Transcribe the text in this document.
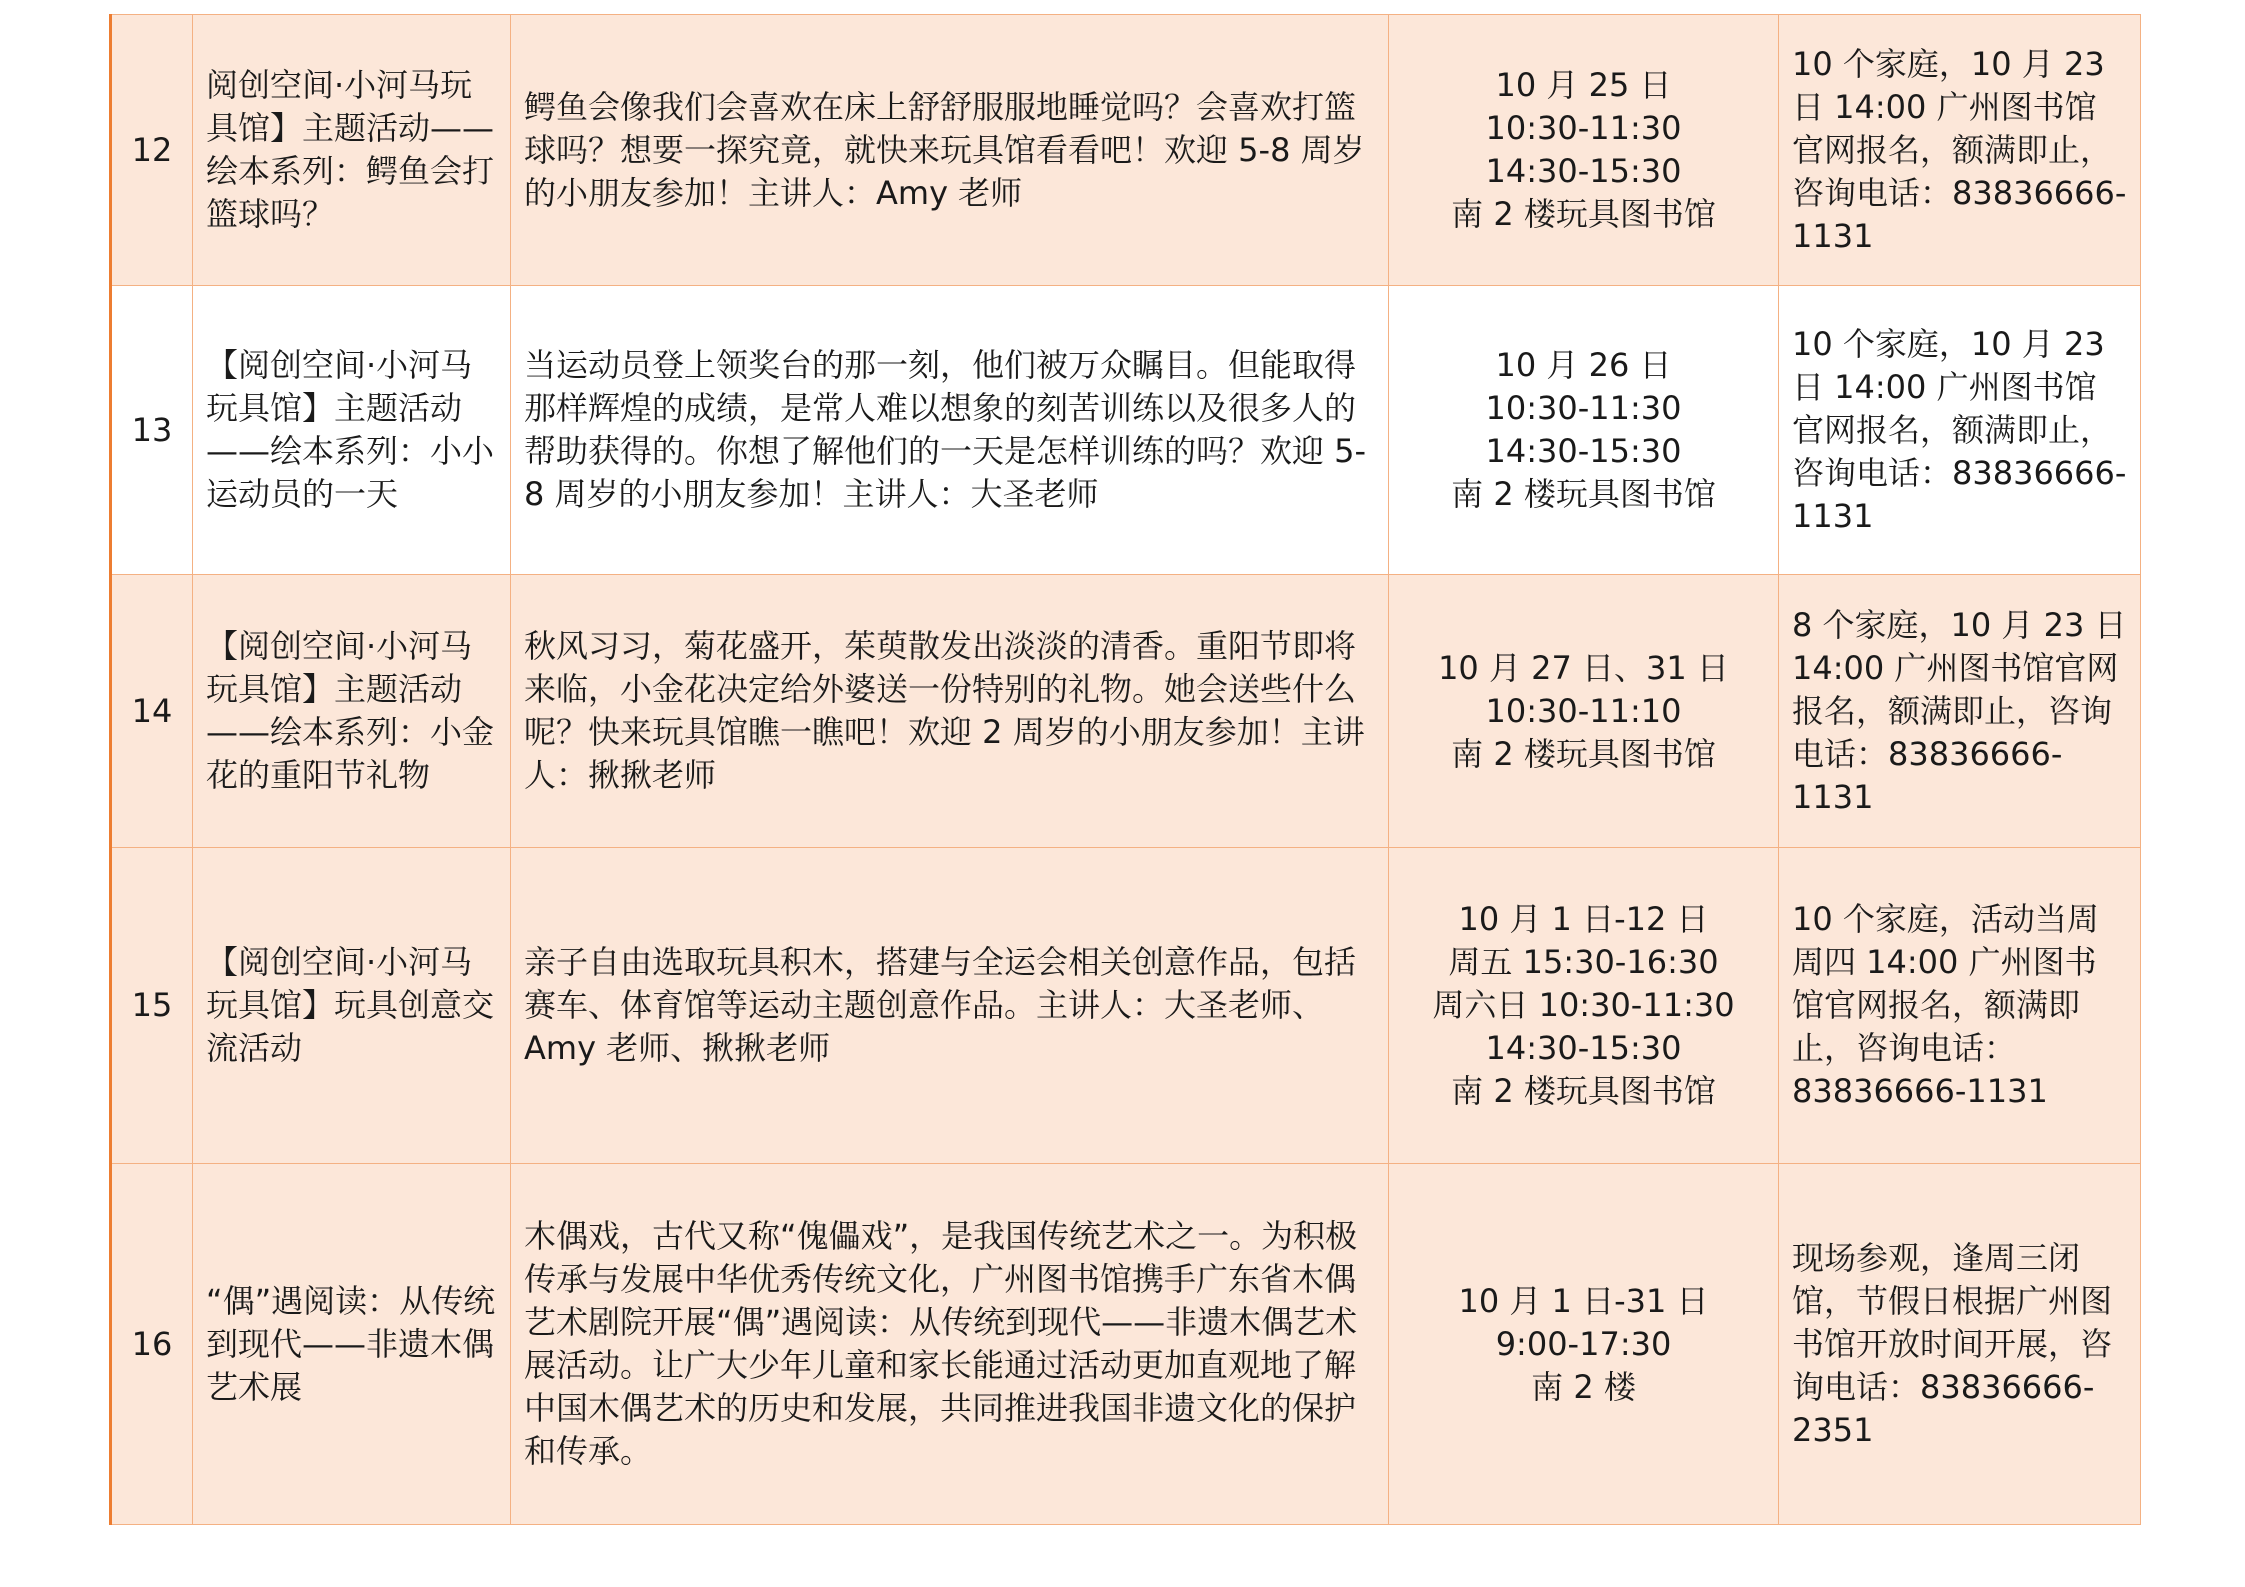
12	阅创空间·小河马玩具馆】主题活动——绘本系列：鳄鱼会打篮球吗？	鳄鱼会像我们会喜欢在床上舒舒服服地睡觉吗？会喜欢打篮球吗？想要一探究竟，就快来玩具馆看看吧！欢迎 5-8 周岁的小朋友参加！主讲人：Amy 老师	10 月 25 日
10:30-11:30
14:30-15:30
南 2 楼玩具图书馆	10 个家庭，10 月 23 日 14:00 广州图书馆官网报名，额满即止，咨询电话：83836666-1131

13	【阅创空间·小河马玩具馆】主题活动——绘本系列：小小运动员的一天	当运动员登上领奖台的那一刻，他们被万众瞩目。但能取得那样辉煌的成绩，是常人难以想象的刻苦训练以及很多人的帮助获得的。你想了解他们的一天是怎样训练的吗？欢迎 5-8 周岁的小朋友参加！主讲人：大圣老师	10 月 26 日
10:30-11:30
14:30-15:30
南 2 楼玩具图书馆	10 个家庭，10 月 23 日 14:00 广州图书馆官网报名，额满即止，咨询电话：83836666-1131

14	【阅创空间·小河马玩具馆】主题活动——绘本系列：小金花的重阳节礼物	秋风习习，菊花盛开，茱萸散发出淡淡的清香。重阳节即将来临，小金花决定给外婆送一份特别的礼物。她会送些什么呢？快来玩具馆瞧一瞧吧！欢迎 2 周岁的小朋友参加！主讲人：揪揪老师	10 月 27 日、31 日
10:30-11:10
南 2 楼玩具图书馆	8 个家庭，10 月 23 日 14:00 广州图书馆官网报名，额满即止，咨询电话：83836666-1131

15	【阅创空间·小河马玩具馆】玩具创意交流活动	亲子自由选取玩具积木，搭建与全运会相关创意作品，包括赛车、体育馆等运动主题创意作品。主讲人：大圣老师、Amy 老师、揪揪老师	10 月 1 日-12 日
周五 15:30-16:30
周六日 10:30-11:30
14:30-15:30
南 2 楼玩具图书馆	10 个家庭，活动当周周四 14:00 广州图书馆官网报名，额满即止，咨询电话：83836666-1131

16	“偶”遇阅读：从传统到现代——非遗木偶艺术展	木偶戏，古代又称“傀儡戏”，是我国传统艺术之一。为积极传承与发展中华优秀传统文化，广州图书馆携手广东省木偶艺术剧院开展“偶”遇阅读：从传统到现代——非遗木偶艺术展活动。让广大少年儿童和家长能通过活动更加直观地了解中国木偶艺术的历史和发展，共同推进我国非遗文化的保护和传承。	10 月 1 日-31 日
9:00-17:30
南 2 楼	现场参观，逢周三闭馆，节假日根据广州图书馆开放时间开展，咨询电话：83836666-2351
